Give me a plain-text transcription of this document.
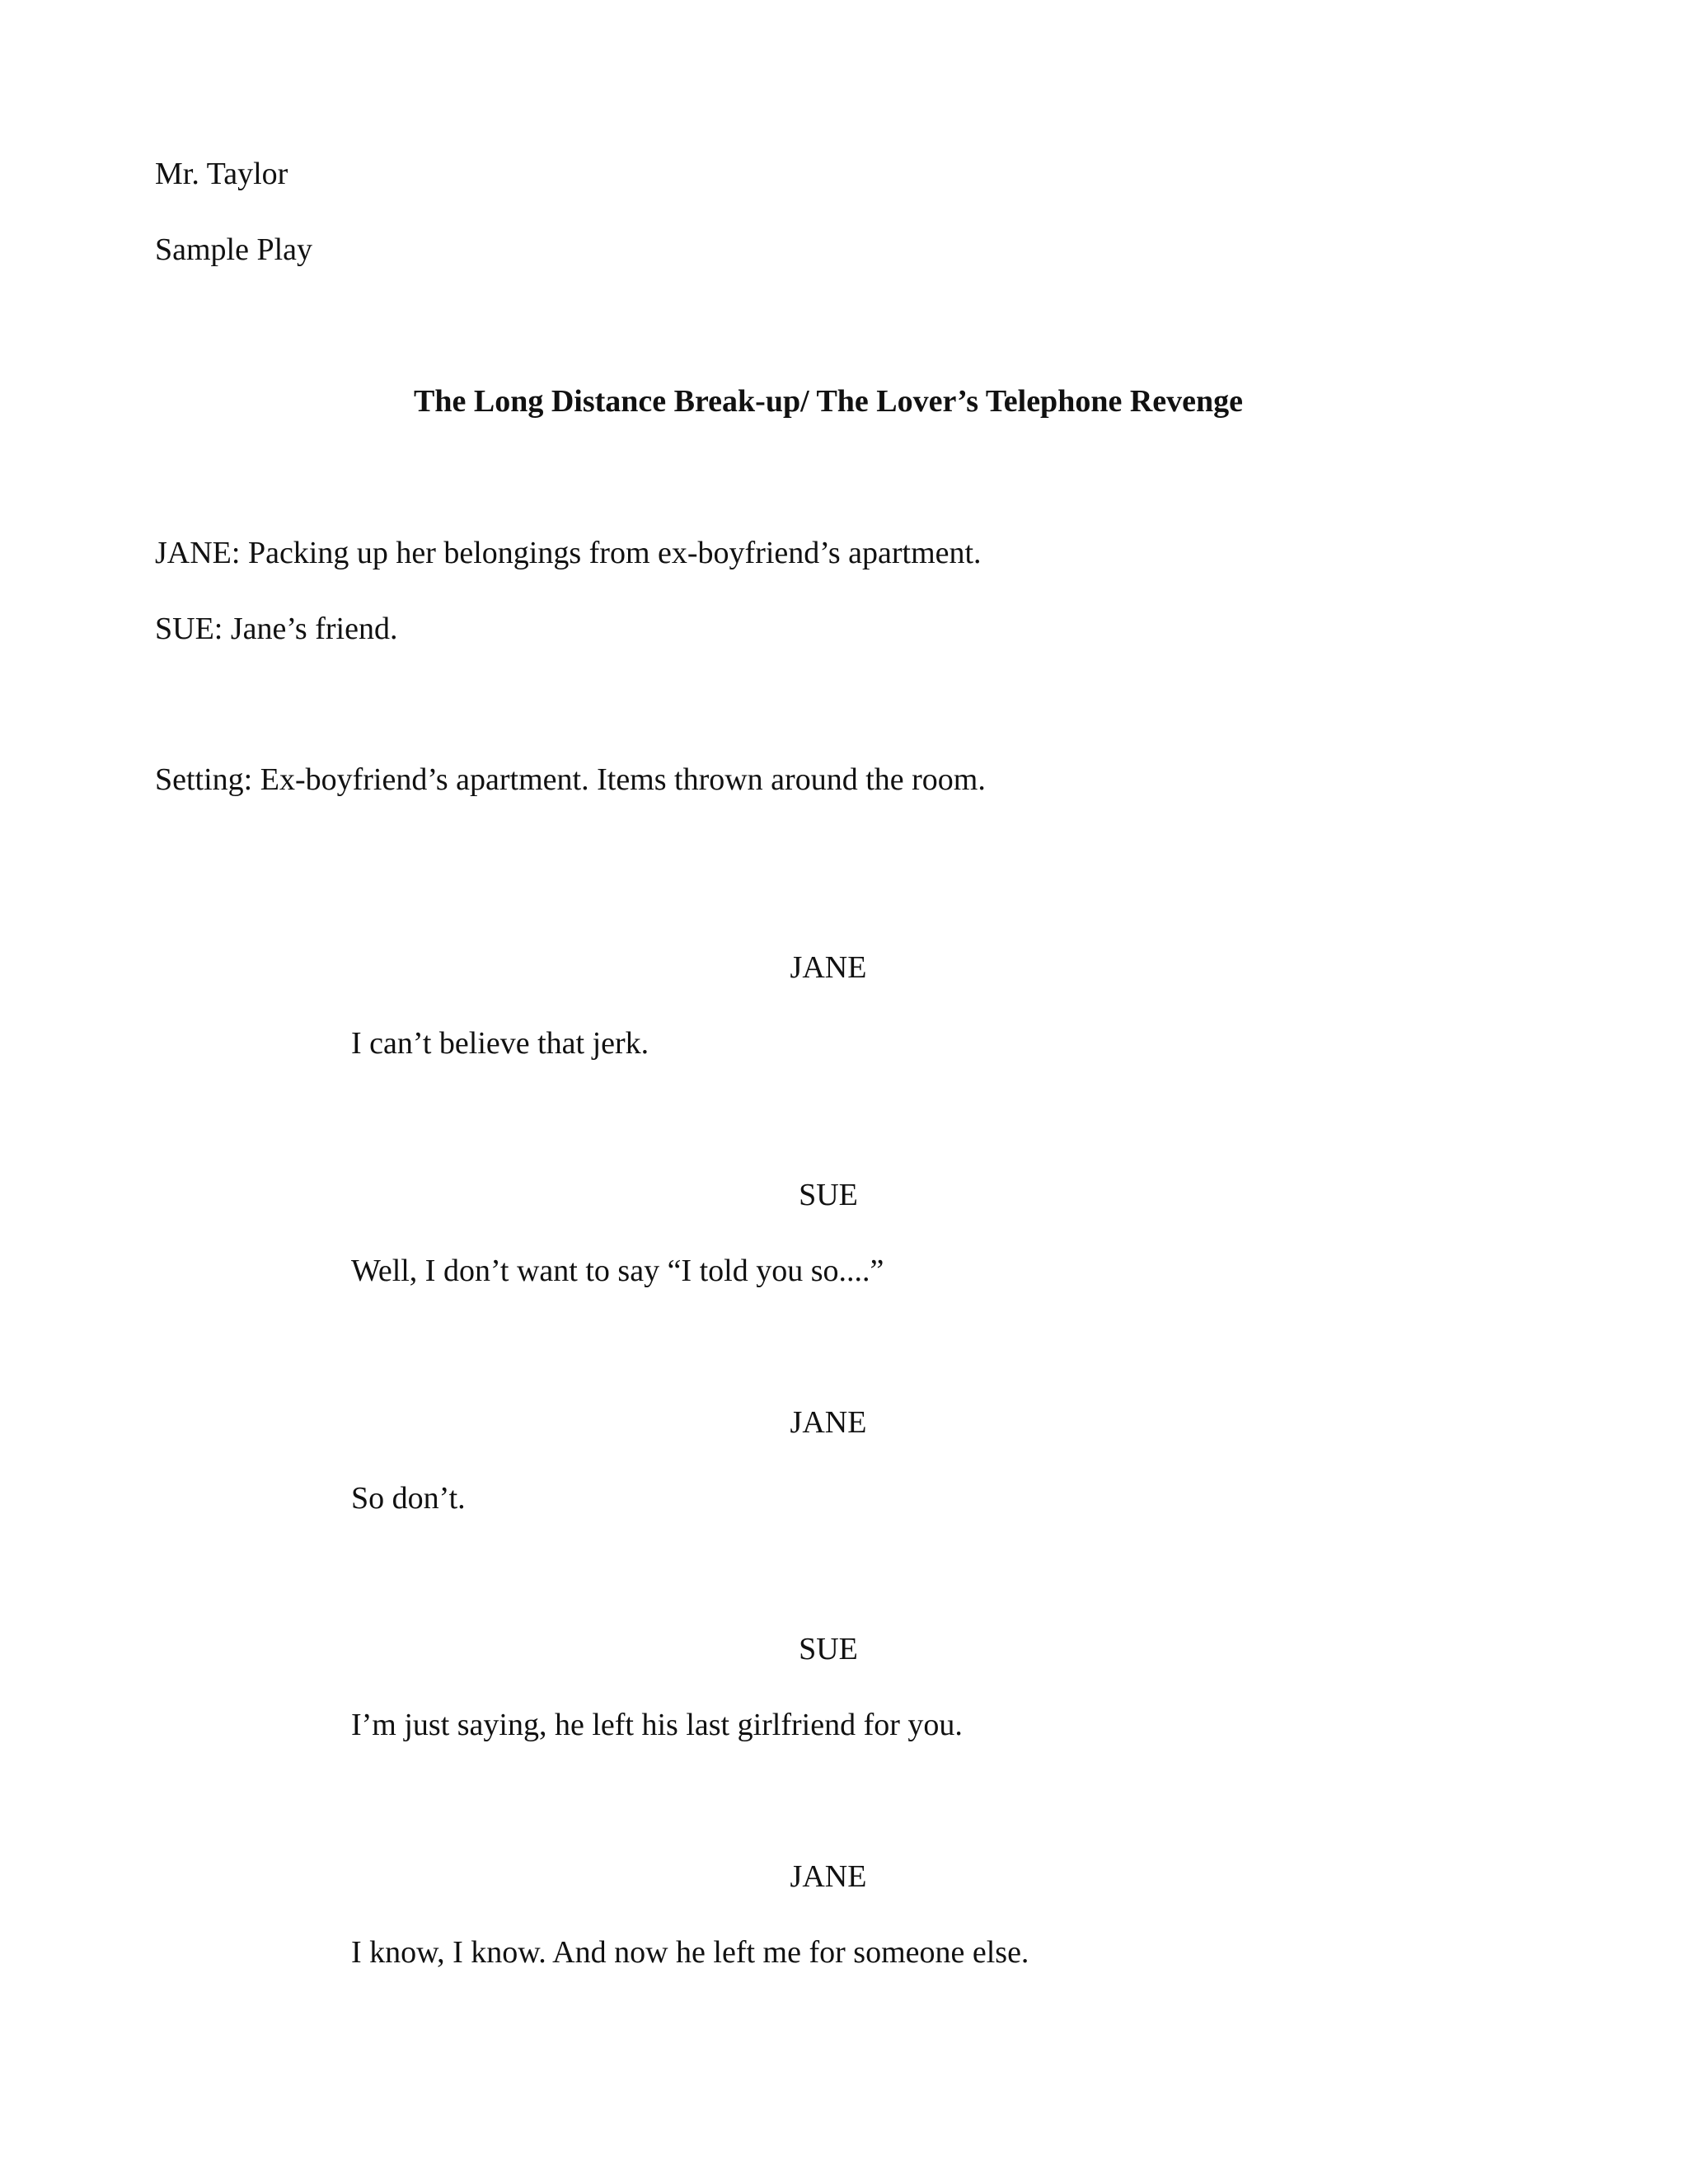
Mr. Taylor
Sample Play
The Long Distance Break-up/ The Lover’s Telephone Revenge
JANE: Packing up her belongings from ex-boyfriend’s apartment.
SUE: Jane’s friend.
Setting: Ex-boyfriend’s apartment. Items thrown around the room.
JANE
I can’t believe that jerk.
SUE
Well, I don’t want to say “I told you so....”
JANE
So don’t.
SUE
I’m just saying, he left his last girlfriend for you.
JANE
I know, I know. And now he left me for someone else.
